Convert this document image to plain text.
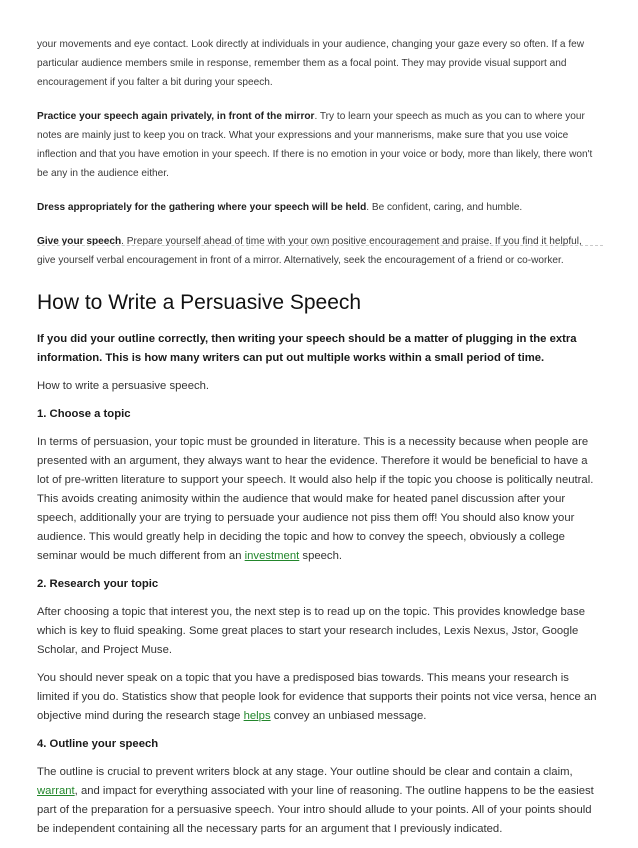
your movements and eye contact. Look directly at individuals in your audience, changing your gaze every so often. If a few particular audience members smile in response, remember them as a focal point. They may provide visual support and encouragement if you falter a bit during your speech.

Practice your speech again privately, in front of the mirror. Try to learn your speech as much as you can to where your notes are mainly just to keep you on track. What your expressions and your mannerisms, make sure that you use voice inflection and that you have emotion in your speech. If there is no emotion in your voice or body, more than likely, there won't be any in the audience either.

Dress appropriately for the gathering where your speech will be held. Be confident, caring, and humble.

Give your speech. Prepare yourself ahead of time with your own positive encouragement and praise. If you find it helpful, give yourself verbal encouragement in front of a mirror. Alternatively, seek the encouragement of a friend or co-worker.

How to Write a Persuasive Speech

If you did your outline correctly, then writing your speech should be a matter of plugging in the extra information. This is how many writers can put out multiple works within a small period of time.

How to write a persuasive speech.

1. Choose a topic

In terms of persuasion, your topic must be grounded in literature. This is a necessity because when people are presented with an argument, they always want to hear the evidence. Therefore it would be beneficial to have a lot of pre-written literature to support your speech. It would also help if the topic you choose is politically neutral. This avoids creating animosity within the audience that would make for heated panel discussion after your speech, additionally your are trying to persuade your audience not piss them off! You should also know your audience. This would greatly help in deciding the topic and how to convey the speech, obviously a college seminar would be much different from an investment speech.

2. Research your topic

After choosing a topic that interest you, the next step is to read up on the topic. This provides knowledge base which is key to fluid speaking. Some great places to start your research includes, Lexis Nexus, Jstor, Google Scholar, and Project Muse.

You should never speak on a topic that you have a predisposed bias towards. This means your research is limited if you do. Statistics show that people look for evidence that supports their points not vice versa, hence an objective mind during the research stage helps convey an unbiased message.

4. Outline your speech

The outline is crucial to prevent writers block at any stage. Your outline should be clear and contain a claim, warrant, and impact for everything associated with your line of reasoning. The outline happens to be the easiest part of the preparation for a persuasive speech. Your intro should allude to your points. All of your points should be independent containing all the necessary parts for an argument that I previously indicated.
